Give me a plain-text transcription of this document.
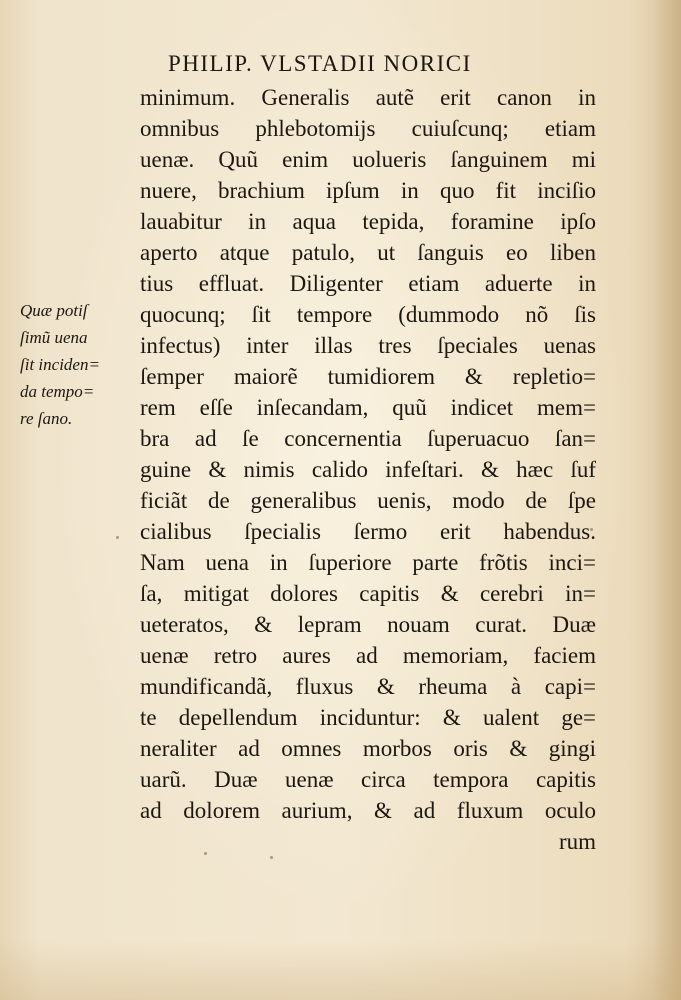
PHILIP. VLSTADII NORICI
Quæ potiſ
ſimũ uena
ſit inciden=
da tempo=
re ſano.
minimum. Generalis autẽ erit canon in
omnibus phlebotomijs cuiuſcunq; etiam
uenæ. Quũ enim uolueris ſanguinem mi
nuere, brachium ipſum in quo fit inciſio
lauabitur in aqua tepida, foramine ipſo
aperto atque patulo, ut ſanguis eo liben
tius effluat. Diligenter etiam aduerte in
quocunq; ſit tempore (dummodo nõ ſis
infectus) inter illas tres ſpeciales uenas
ſemper maiorẽ tumidiorem & repletio=
rem eſſe inſecandam, quũ indicet mem=
bra ad ſe concernentia ſuperuacuo ſan=
guine & nimis calido infeſtari. & hæc ſuf
ficiãt de generalibus uenis, modo de ſpe
cialibus ſpecialis ſermo erit habendus.
Nam uena in ſuperiore parte frõtis inci=
ſa, mitigat dolores capitis & cerebri in=
ueteratos, & lepram nouam curat. Duæ
uenæ retro aures ad memoriam, faciem
mundificandã, fluxus & rheuma à capi=
te depellendum inciduntur: & ualent ge=
neraliter ad omnes morbos oris & gingi
uarũ. Duæ uenæ circa tempora capitis
ad dolorem aurium, & ad fluxum oculo
rum
